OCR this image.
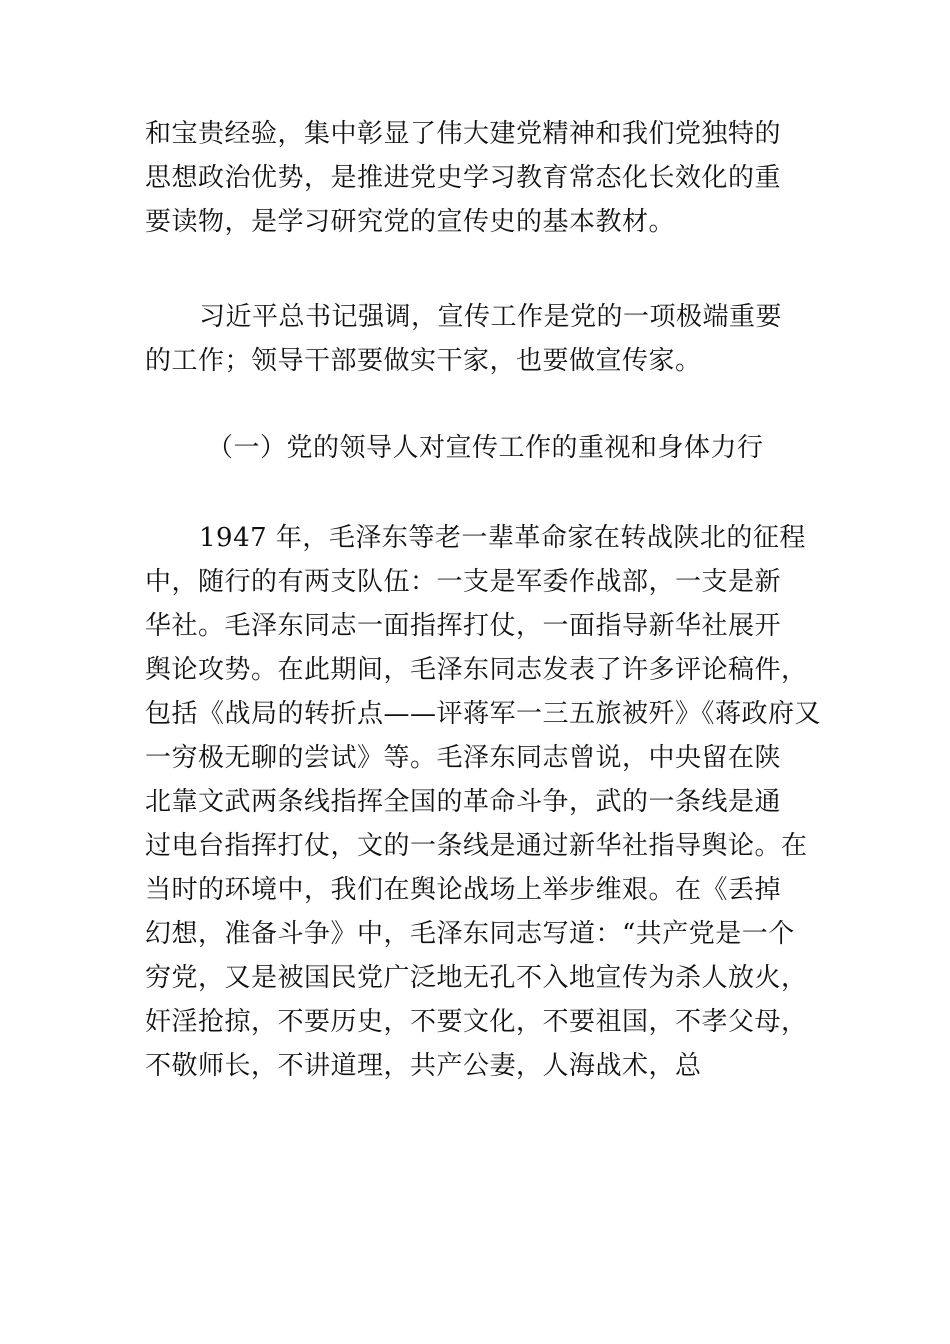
和宝贵经验，集中彰显了伟大建党精神和我们党独特的
思想政治优势，是推进党史学习教育常态化长效化的重
要读物，是学习研究党的宣传史的基本教材。
习近平总书记强调，宣传工作是党的一项极端重要
的工作；领导干部要做实干家，也要做宣传家。
（一）党的领导人对宣传工作的重视和身体力行
1947 年，毛泽东等老一辈革命家在转战陕北的征程
中，随行的有两支队伍：一支是军委作战部，一支是新
华社。毛泽东同志一面指挥打仗，一面指导新华社展开
舆论攻势。在此期间，毛泽东同志发表了许多评论稿件，
包括《战局的转折点——评蒋军一三五旅被歼》《蒋政府又
一穷极无聊的尝试》等。毛泽东同志曾说，中央留在陕
北靠文武两条线指挥全国的革命斗争，武的一条线是通
过电台指挥打仗，文的一条线是通过新华社指导舆论。在
当时的环境中，我们在舆论战场上举步维艰。在《丢掉
幻想，准备斗争》中，毛泽东同志写道：“共产党是一个
穷党，又是被国民党广泛地无孔不入地宣传为杀人放火，
奸淫抢掠，不要历史，不要文化，不要祖国，不孝父母，
不敬师长，不讲道理，共产公妻，人海战术，总
